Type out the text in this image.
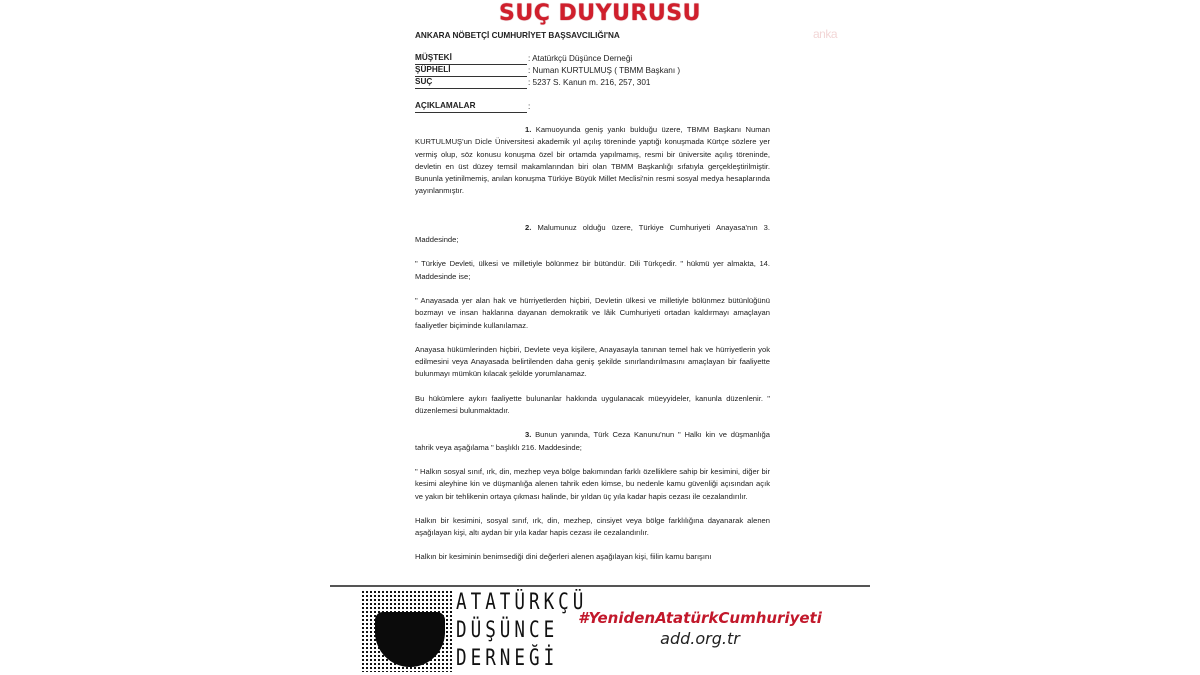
SUÇ DUYURUSU
anka
ANKARA NÖBETÇİ CUMHURİYET BAŞSAVCILIĞI'NA
MÜŞTEKİ	: Atatürkçü Düşünce Derneği
ŞÜPHELİ	: Numan KURTULMUŞ ( TBMM Başkanı )
SUÇ	: 5237 S. Kanun m. 216, 257, 301
AÇIKLAMALAR	:

1. Kamuoyunda geniş yankı bulduğu üzere, TBMM Başkanı Numan KURTULMUŞ'un Dicle Üniversitesi akademik yıl açılış töreninde yaptığı konuşmada Kürtçe sözlere yer vermiş olup, söz konusu konuşma özel bir ortamda yapılmamış, resmi bir üniversite açılış töreninde, devletin en üst düzey temsil makamlarından biri olan TBMM Başkanlığı sıfatıyla gerçekleştirilmiştir. Bununla yetinilmemiş, anılan konuşma Türkiye Büyük Millet Meclisi'nin resmi sosyal medya hesaplarında yayınlanmıştır.

2. Malumunuz olduğu üzere, Türkiye Cumhuriyeti Anayasa'nın 3. Maddesinde;

" Türkiye Devleti, ülkesi ve milletiyle bölünmez bir bütündür. Dili Türkçedir. " hükmü yer almakta, 14. Maddesinde ise;

" Anayasada yer alan hak ve hürriyetlerden hiçbiri, Devletin ülkesi ve milletiyle bölünmez bütünlüğünü bozmayı ve insan haklarına dayanan demokratik ve lâik Cumhuriyeti ortadan kaldırmayı amaçlayan faaliyetler biçiminde kullanılamaz.

Anayasa hükümlerinden hiçbiri, Devlete veya kişilere, Anayasayla tanınan temel hak ve hürriyetlerin yok edilmesini veya Anayasada belirtilenden daha geniş şekilde sınırlandırılmasını amaçlayan bir faaliyette bulunmayı mümkün kılacak şekilde yorumlanamaz.

Bu hükümlere aykırı faaliyette bulunanlar hakkında uygulanacak müeyyideler, kanunla düzenlenir. " düzenlemesi bulunmaktadır.

3. Bunun yanında, Türk Ceza Kanunu'nun " Halkı kin ve düşmanlığa tahrik veya aşağılama " başlıklı 216. Maddesinde;

" Halkın sosyal sınıf, ırk, din, mezhep veya bölge bakımından farklı özelliklere sahip bir kesimini, diğer bir kesimi aleyhine kin ve düşmanlığa alenen tahrik eden kimse, bu nedenle kamu güvenliği açısından açık ve yakın bir tehlikenin ortaya çıkması halinde, bir yıldan üç yıla kadar hapis cezası ile cezalandırılır.

Halkın bir kesimini, sosyal sınıf, ırk, din, mezhep, cinsiyet veya bölge farklılığına dayanarak alenen aşağılayan kişi, altı aydan bir yıla kadar hapis cezası ile cezalandırılır.

Halkın bir kesiminin benimsediği dini değerleri alenen aşağılayan kişi, fiilin kamu barışını

ATATÜRKÇÜ
DÜŞÜNCE
DERNEĞİ
#YenidenAtatürkCumhuriyeti
add.org.tr
